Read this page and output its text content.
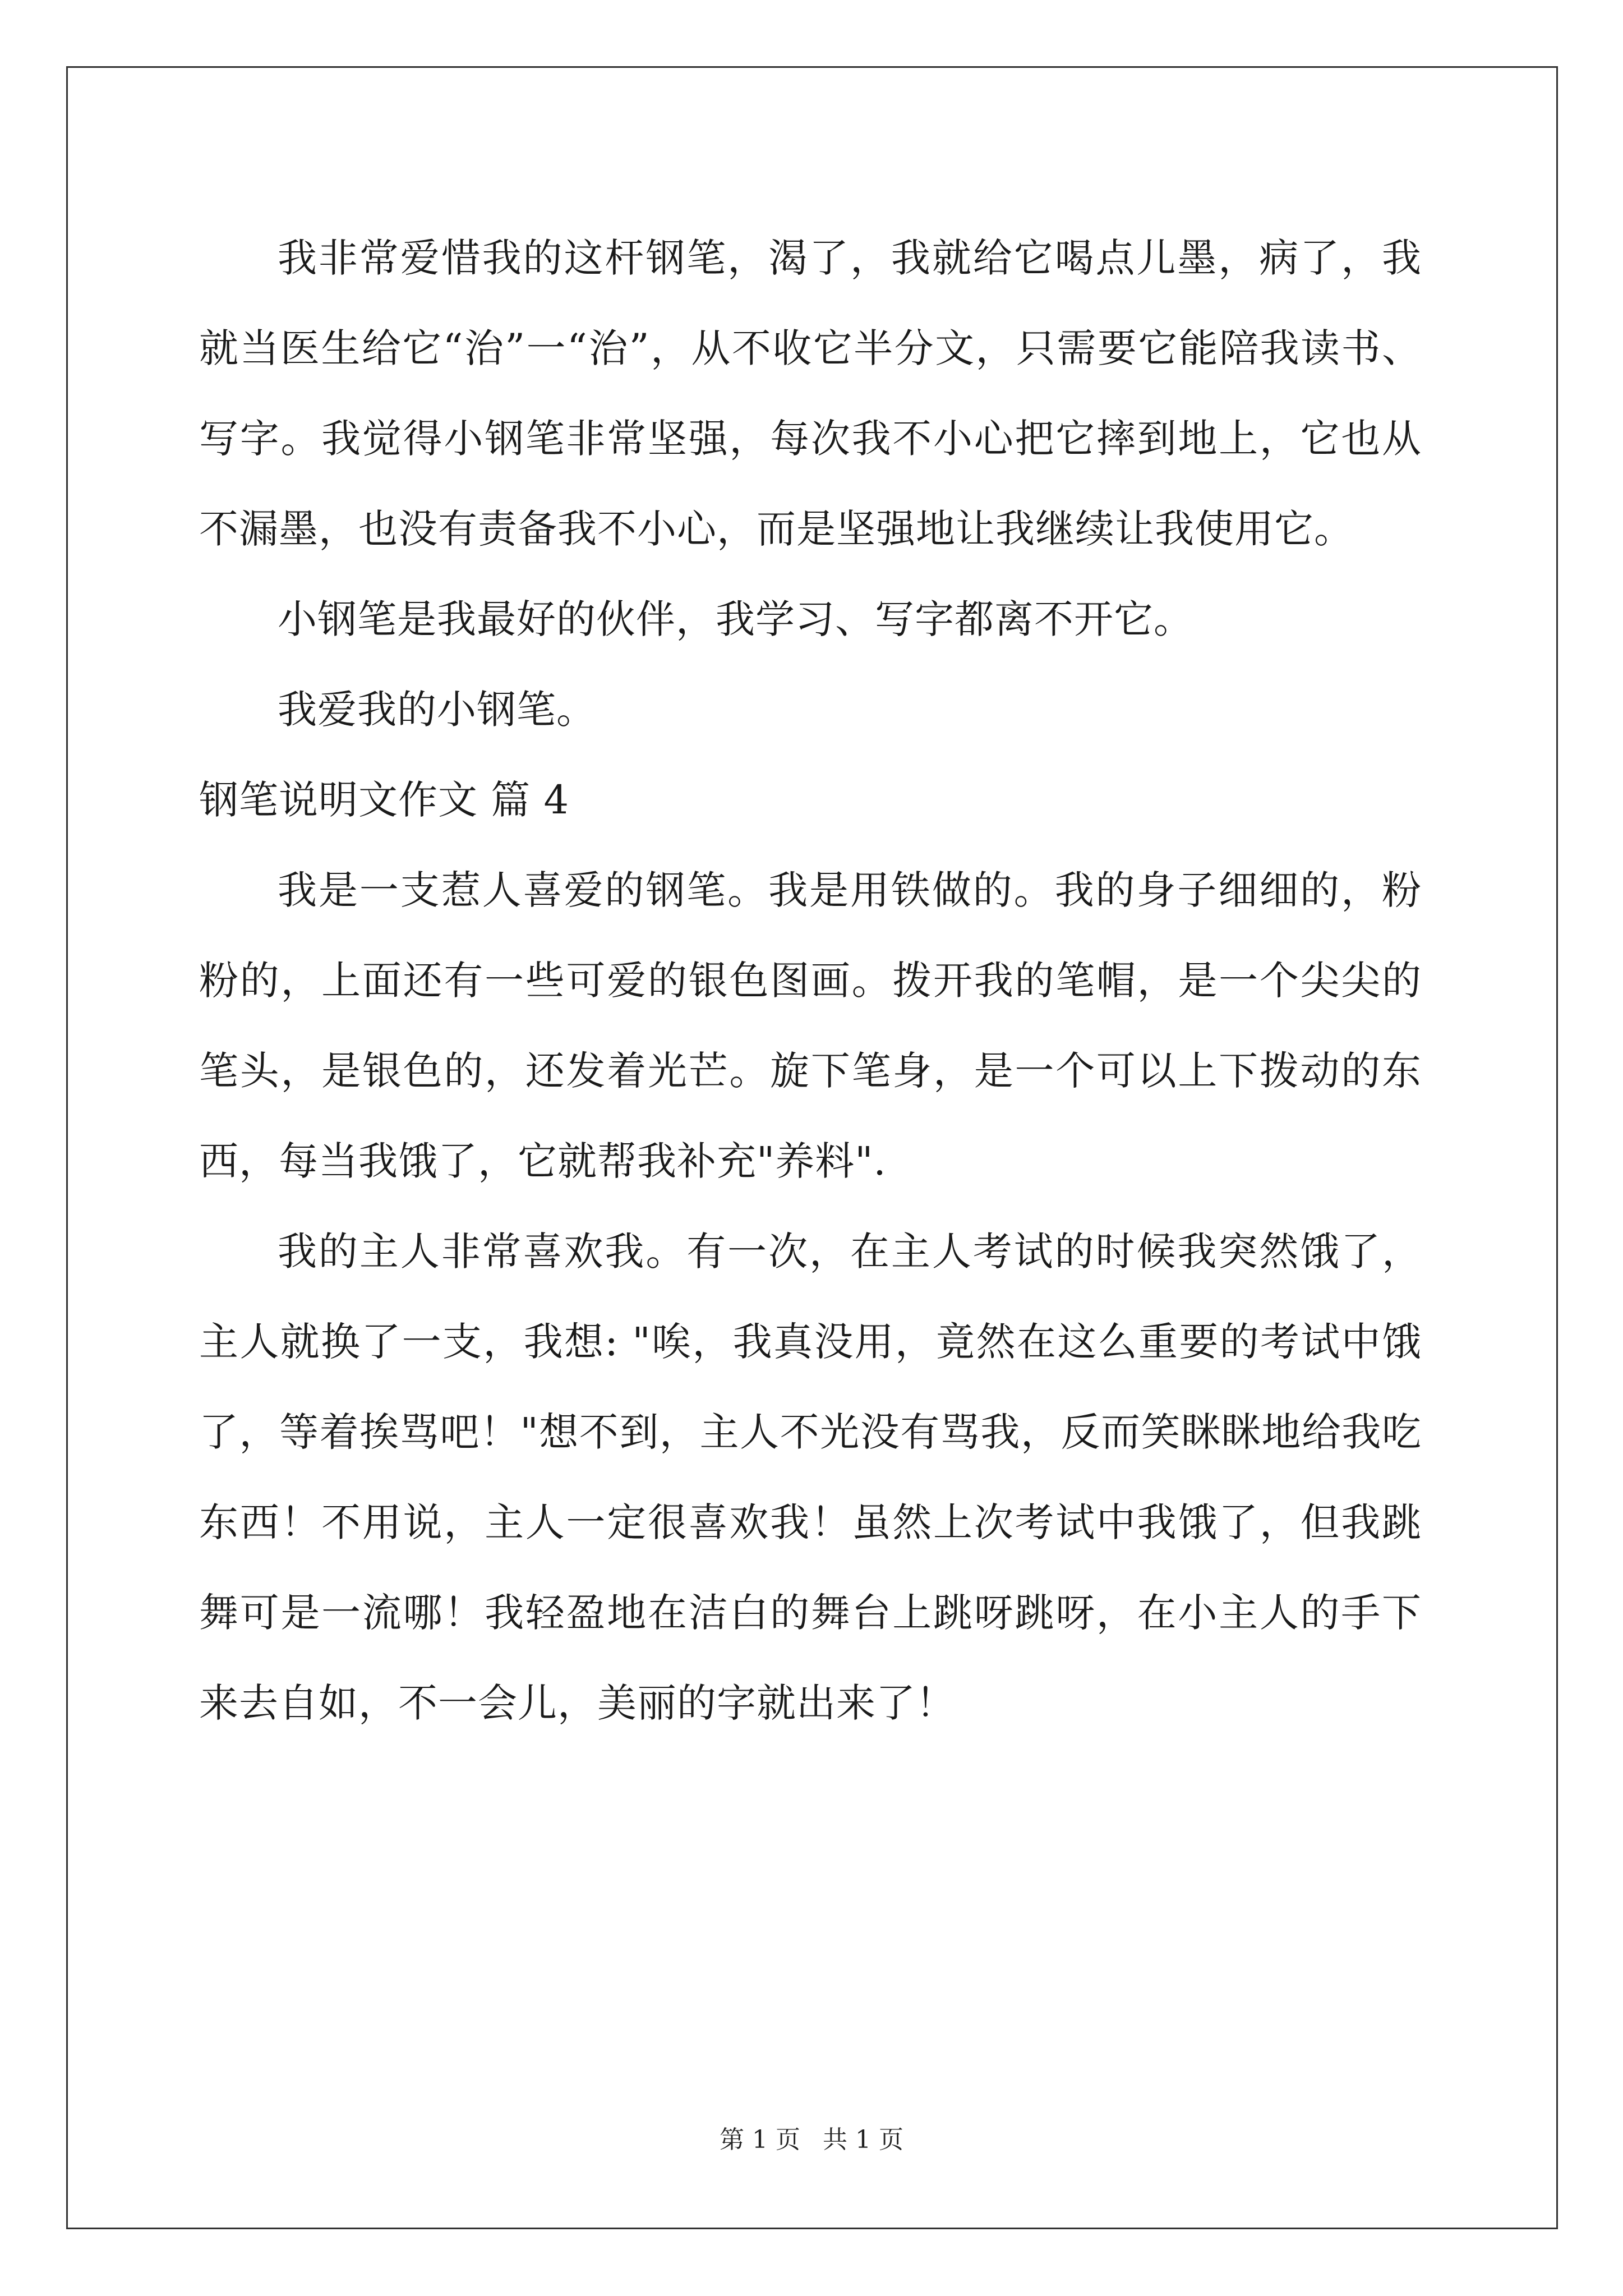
我非常爱惜我的这杆钢笔，渴了，我就给它喝点儿墨，病了，我就当医生给它“治”一“治”，从不收它半分文，只需要它能陪我读书、写字。我觉得小钢笔非常坚强，每次我不小心把它摔到地上，它也从不漏墨，也没有责备我不小心，而是坚强地让我继续让我使用它。

小钢笔是我最好的伙伴，我学习、写字都离不开它。

我爱我的小钢笔。

钢笔说明文作文 篇 4

我是一支惹人喜爱的钢笔。我是用铁做的。我的身子细细的，粉粉的，上面还有一些可爱的银色图画。拨开我的笔帽，是一个尖尖的笔头，是银色的，还发着光芒。旋下笔身，是一个可以上下拨动的东西，每当我饿了，它就帮我补充"养料".

我的主人非常喜欢我。有一次，在主人考试的时候我突然饿了，主人就换了一支，我想: "唉，我真没用，竟然在这么重要的考试中饿了，等着挨骂吧！"想不到，主人不光没有骂我，反而笑眯眯地给我吃东西！不用说，主人一定很喜欢我！虽然上次考试中我饿了，但我跳舞可是一流哪！我轻盈地在洁白的舞台上跳呀跳呀，在小主人的手下来去自如，不一会儿，美丽的字就出来了！

第 1 页 共 1 页
